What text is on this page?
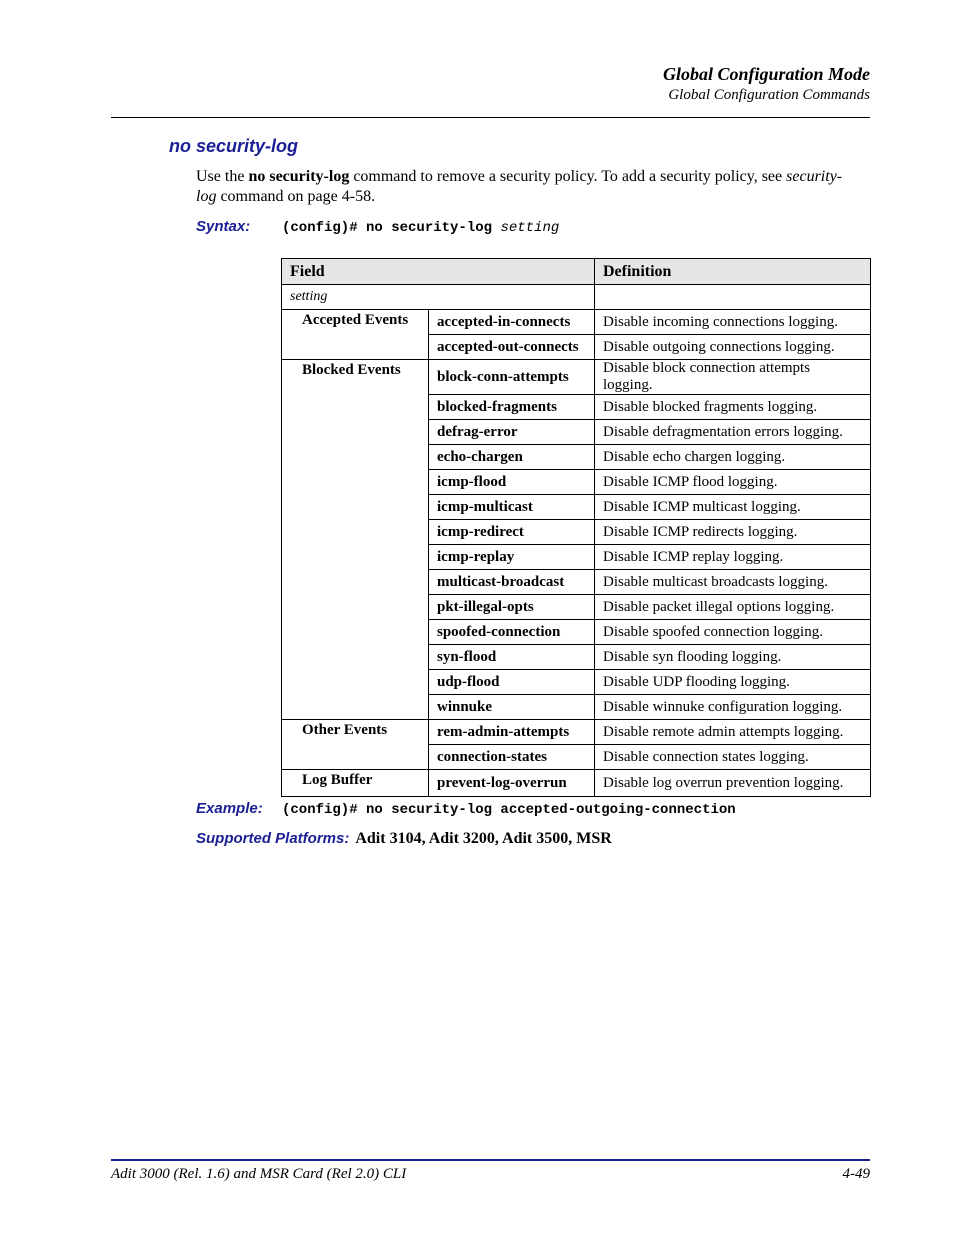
Global Configuration Mode
Global Configuration Commands
no security-log
Use the no security-log command to remove a security policy. To add a security policy, see security-log command on page 4-58.
Syntax: (config)# no security-log setting
Field		Definition
setting		
Accepted Events	accepted-in-connects	Disable incoming connections logging.
	accepted-out-connects	Disable outgoing connections logging.
Blocked Events	block-conn-attempts	Disable block connection attempts logging.
	blocked-fragments	Disable blocked fragments logging.
	defrag-error	Disable defragmentation errors logging.
	echo-chargen	Disable echo chargen logging.
	icmp-flood	Disable ICMP flood logging.
	icmp-multicast	Disable ICMP multicast logging.
	icmp-redirect	Disable ICMP redirects logging.
	icmp-replay	Disable ICMP replay logging.
	multicast-broadcast	Disable multicast broadcasts logging.
	pkt-illegal-opts	Disable packet illegal options logging.
	spoofed-connection	Disable spoofed connection logging.
	syn-flood	Disable syn flooding logging.
	udp-flood	Disable UDP flooding logging.
	winnuke	Disable winnuke configuration logging.
Other Events	rem-admin-attempts	Disable remote admin attempts logging.
	connection-states	Disable connection states logging.
Log Buffer	prevent-log-overrun	Disable log overrun prevention logging.
Example: (config)# no security-log accepted-outgoing-connection
Supported Platforms: Adit 3104, Adit 3200, Adit 3500, MSR
Adit 3000 (Rel. 1.6) and MSR Card (Rel 2.0) CLI	4-49
